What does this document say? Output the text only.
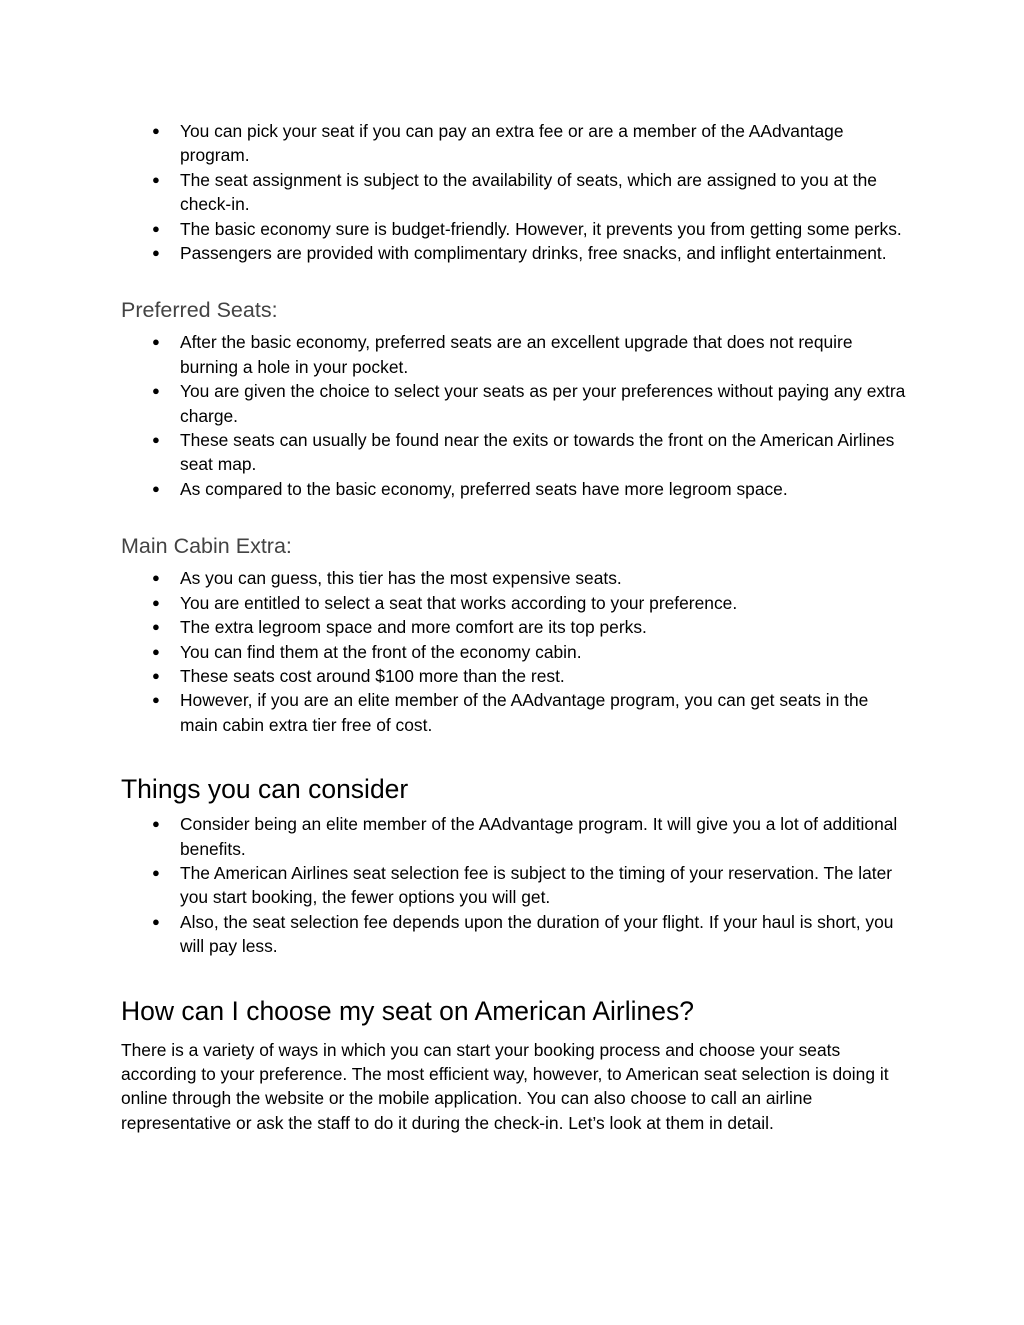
● You can pick your seat if you can pay an extra fee or are a member of the AAdvantage program.
● The seat assignment is subject to the availability of seats, which are assigned to you at the check-in.
● The basic economy sure is budget-friendly. However, it prevents you from getting some perks.
● Passengers are provided with complimentary drinks, free snacks, and inflight entertainment.
Preferred Seats:
● After the basic economy, preferred seats are an excellent upgrade that does not require burning a hole in your pocket.
● You are given the choice to select your seats as per your preferences without paying any extra charge.
● These seats can usually be found near the exits or towards the front on the American Airlines seat map.
● As compared to the basic economy, preferred seats have more legroom space.
Main Cabin Extra:
● As you can guess, this tier has the most expensive seats.
● You are entitled to select a seat that works according to your preference.
● The extra legroom space and more comfort are its top perks.
● You can find them at the front of the economy cabin.
● These seats cost around $100 more than the rest.
● However, if you are an elite member of the AAdvantage program, you can get seats in the main cabin extra tier free of cost.
Things you can consider
● Consider being an elite member of the AAdvantage program. It will give you a lot of additional benefits.
● The American Airlines seat selection fee is subject to the timing of your reservation. The later you start booking, the fewer options you will get.
● Also, the seat selection fee depends upon the duration of your flight. If your haul is short, you will pay less.
How can I choose my seat on American Airlines?

There is a variety of ways in which you can start your booking process and choose your seats according to your preference. The most efficient way, however, to American seat selection is doing it online through the website or the mobile application. You can also choose to call an airline representative or ask the staff to do it during the check-in. Let’s look at them in detail.
